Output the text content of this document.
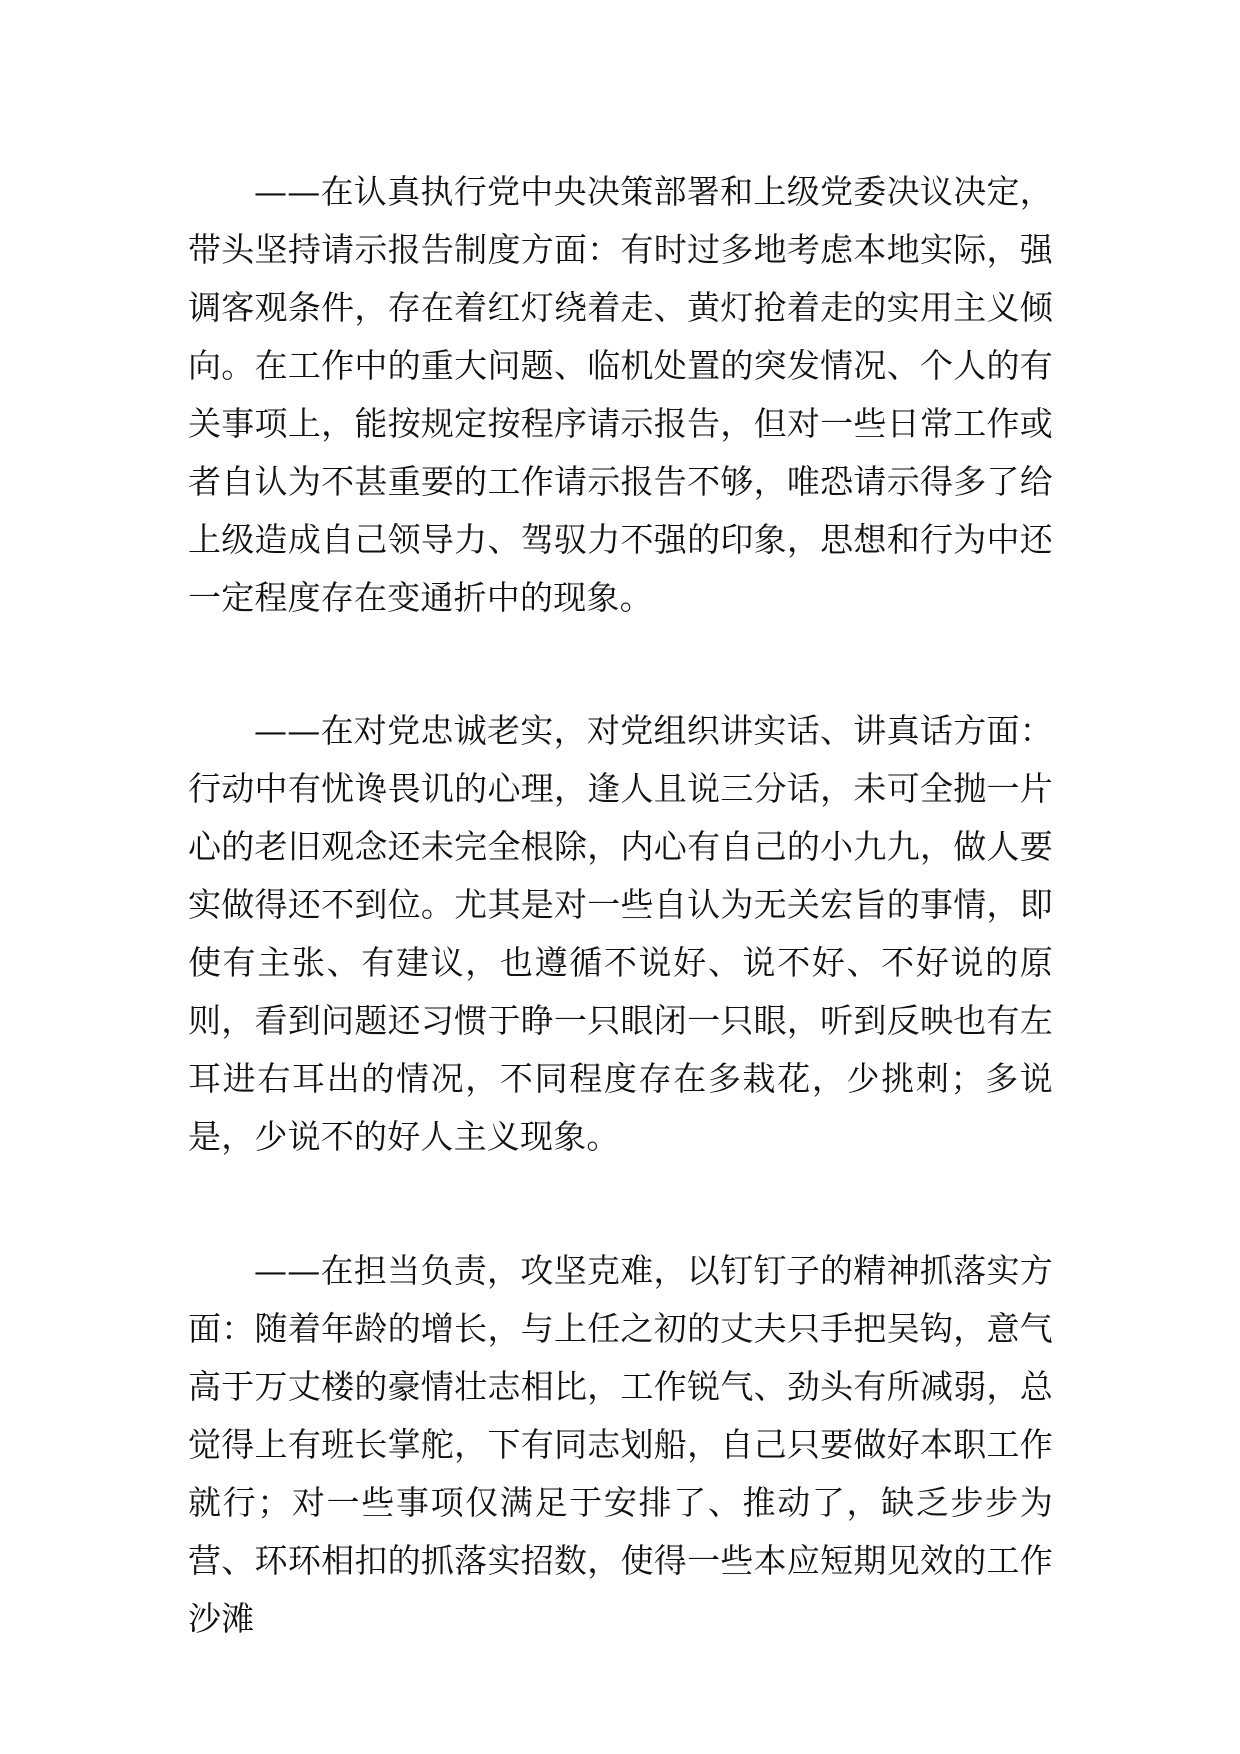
——在认真执行党中央决策部署和上级党委决议决定，带头坚持请示报告制度方面：有时过多地考虑本地实际，强调客观条件，存在着红灯绕着走、黄灯抢着走的实用主义倾向。在工作中的重大问题、临机处置的突发情况、个人的有关事项上，能按规定按程序请示报告，但对一些日常工作或者自认为不甚重要的工作请示报告不够，唯恐请示得多了给上级造成自己领导力、驾驭力不强的印象，思想和行为中还一定程度存在变通折中的现象。

——在对党忠诚老实，对党组织讲实话、讲真话方面：行动中有忧谗畏讥的心理，逢人且说三分话，未可全抛一片心的老旧观念还未完全根除，内心有自己的小九九，做人要实做得还不到位。尤其是对一些自认为无关宏旨的事情，即使有主张、有建议，也遵循不说好、说不好、不好说的原则，看到问题还习惯于睁一只眼闭一只眼，听到反映也有左耳进右耳出的情况，不同程度存在多栽花，少挑刺；多说是，少说不的好人主义现象。

——在担当负责，攻坚克难，以钉钉子的精神抓落实方面：随着年龄的增长，与上任之初的丈夫只手把吴钩，意气高于万丈楼的豪情壮志相比，工作锐气、劲头有所减弱，总觉得上有班长掌舵，下有同志划船，自己只要做好本职工作就行；对一些事项仅满足于安排了、推动了，缺乏步步为营、环环相扣的抓落实招数，使得一些本应短期见效的工作沙滩
